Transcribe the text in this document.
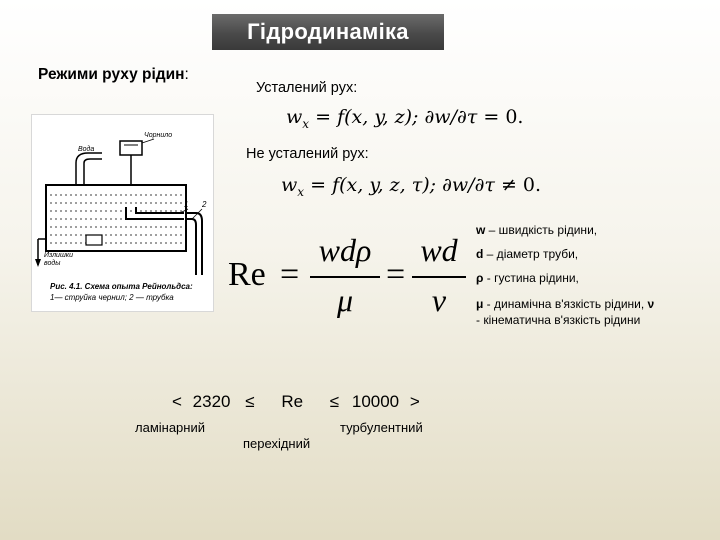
Гідродинаміка
Режими руху рідин:
Усталений рух:
$w_x = f(x$, y, z); ∂w/∂τ = 0.
Не усталений рух:
$w_x = f(x$, y, z, τ); ∂w/∂τ ≠ 0.
Чорнило
Вода
Излишки
воды
1 2
Рис. 4.1. Схема опыта Рейнольдса:
1— струйка чернил; 2 — трубка
Re =
wdρ
μ
=
wd
ν
w – швидкість рідини,
d – діаметр труби,
ρ - густина рідини,
μ - динамічна в'язкість рідини, ν
- кінематична в'язкість рідини
< 2320 ≤ Re ≤ 10000 >
ламінарний
перехідний
турбулентний
